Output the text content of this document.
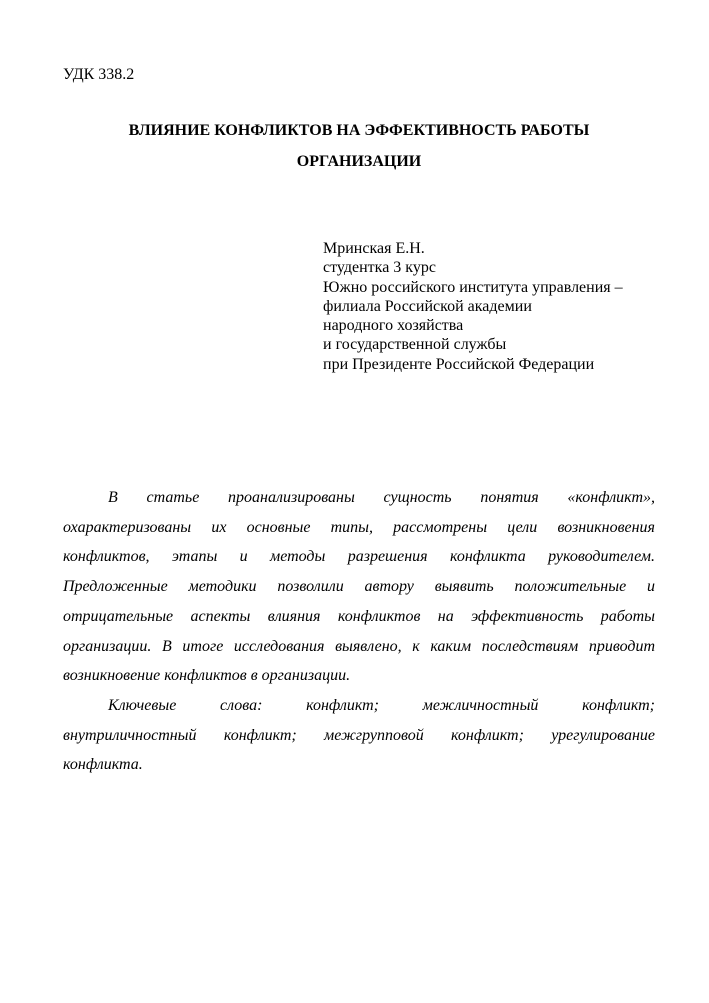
УДК 338.2
ВЛИЯНИЕ КОНФЛИКТОВ НА ЭФФЕКТИВНОСТЬ РАБОТЫ
ОРГАНИЗАЦИИ
Мринская Е.Н.
студентка 3 курс
Южно российского института управления –
филиала Российской академии
народного хозяйства
и государственной службы
при Президенте Российской Федерации
В статье проанализированы сущность понятия «конфликт»,
охарактеризованы их основные типы, рассмотрены цели возникновения
конфликтов, этапы и методы разрешения конфликта руководителем.
Предложенные методики позволили автору выявить положительные и
отрицательные аспекты влияния конфликтов на эффективность работы
организации. В итоге исследования выявлено, к каким последствиям приводит
возникновение конфликтов в организации.
Ключевые слова: конфликт; межличностный конфликт;
внутриличностный конфликт; межгрупповой конфликт; урегулирование
конфликта.
